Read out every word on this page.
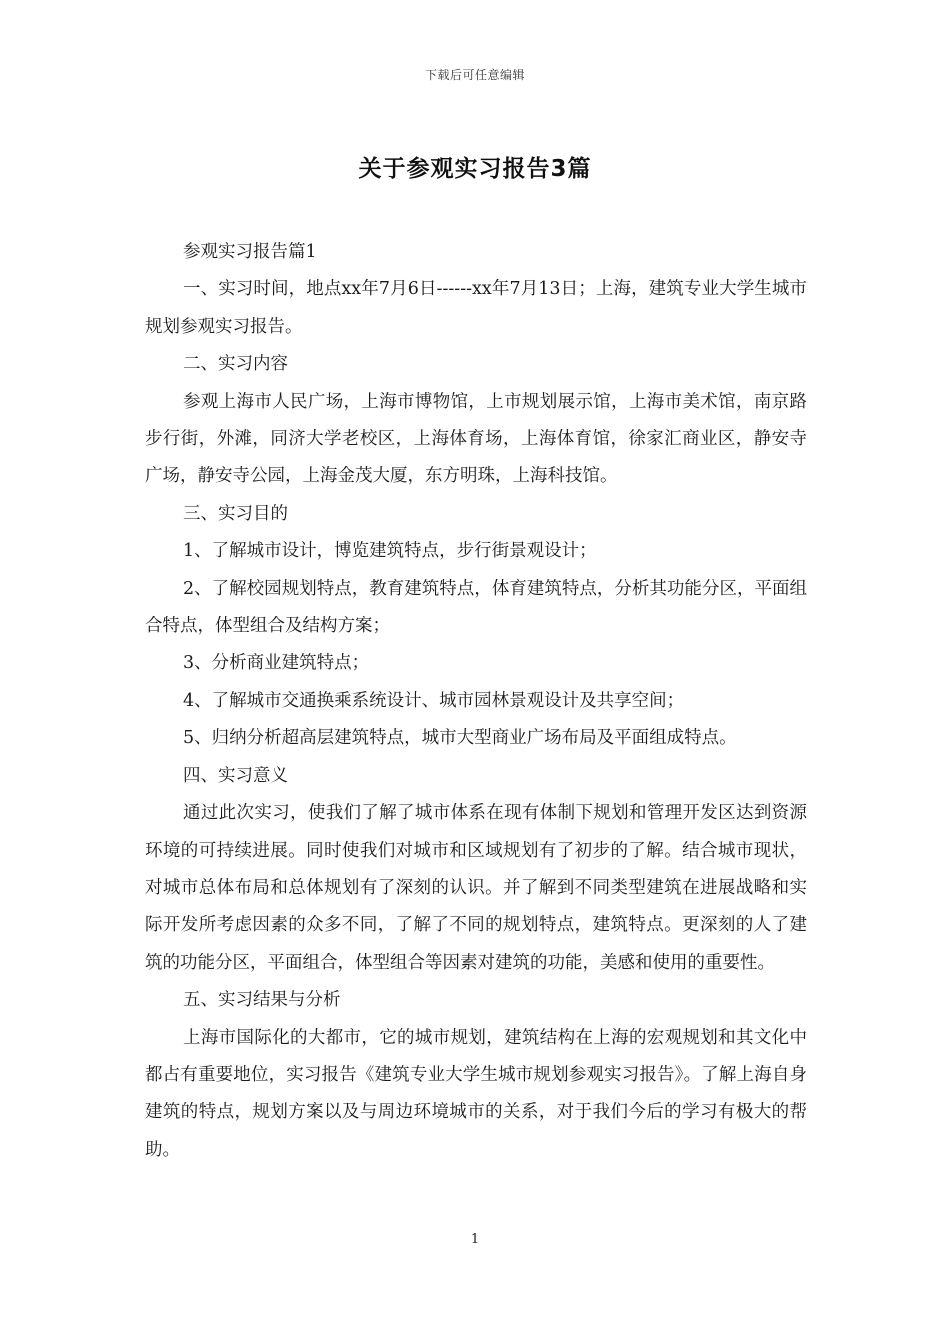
下载后可任意编辑
关于参观实习报告3篇

参观实习报告篇1

一、实习时间，地点xx年7月6日------xx年7月13日；上海，建筑专业大学生城市规划参观实习报告。

二、实习内容

参观上海市人民广场，上海市博物馆，上市规划展示馆，上海市美术馆，南京路步行街，外滩，同济大学老校区，上海体育场，上海体育馆，徐家汇商业区，静安寺广场，静安寺公园，上海金茂大厦，东方明珠，上海科技馆。

三、实习目的

1、了解城市设计，博览建筑特点，步行街景观设计；

2、了解校园规划特点，教育建筑特点，体育建筑特点，分析其功能分区，平面组合特点，体型组合及结构方案；

3、分析商业建筑特点；

4、了解城市交通换乘系统设计、城市园林景观设计及共享空间；

5、归纳分析超高层建筑特点，城市大型商业广场布局及平面组成特点。

四、实习意义

通过此次实习，使我们了解了城市体系在现有体制下规划和管理开发区达到资源环境的可持续进展。同时使我们对城市和区域规划有了初步的了解。结合城市现状，对城市总体布局和总体规划有了深刻的认识。并了解到不同类型建筑在进展战略和实际开发所考虑因素的众多不同，了解了不同的规划特点，建筑特点。更深刻的人了建筑的功能分区，平面组合，体型组合等因素对建筑的功能，美感和使用的重要性。

五、实习结果与分析

上海市国际化的大都市，它的城市规划，建筑结构在上海的宏观规划和其文化中都占有重要地位，实习报告《建筑专业大学生城市规划参观实习报告》。了解上海自身建筑的特点，规划方案以及与周边环境城市的关系，对于我们今后的学习有极大的帮助。

1
